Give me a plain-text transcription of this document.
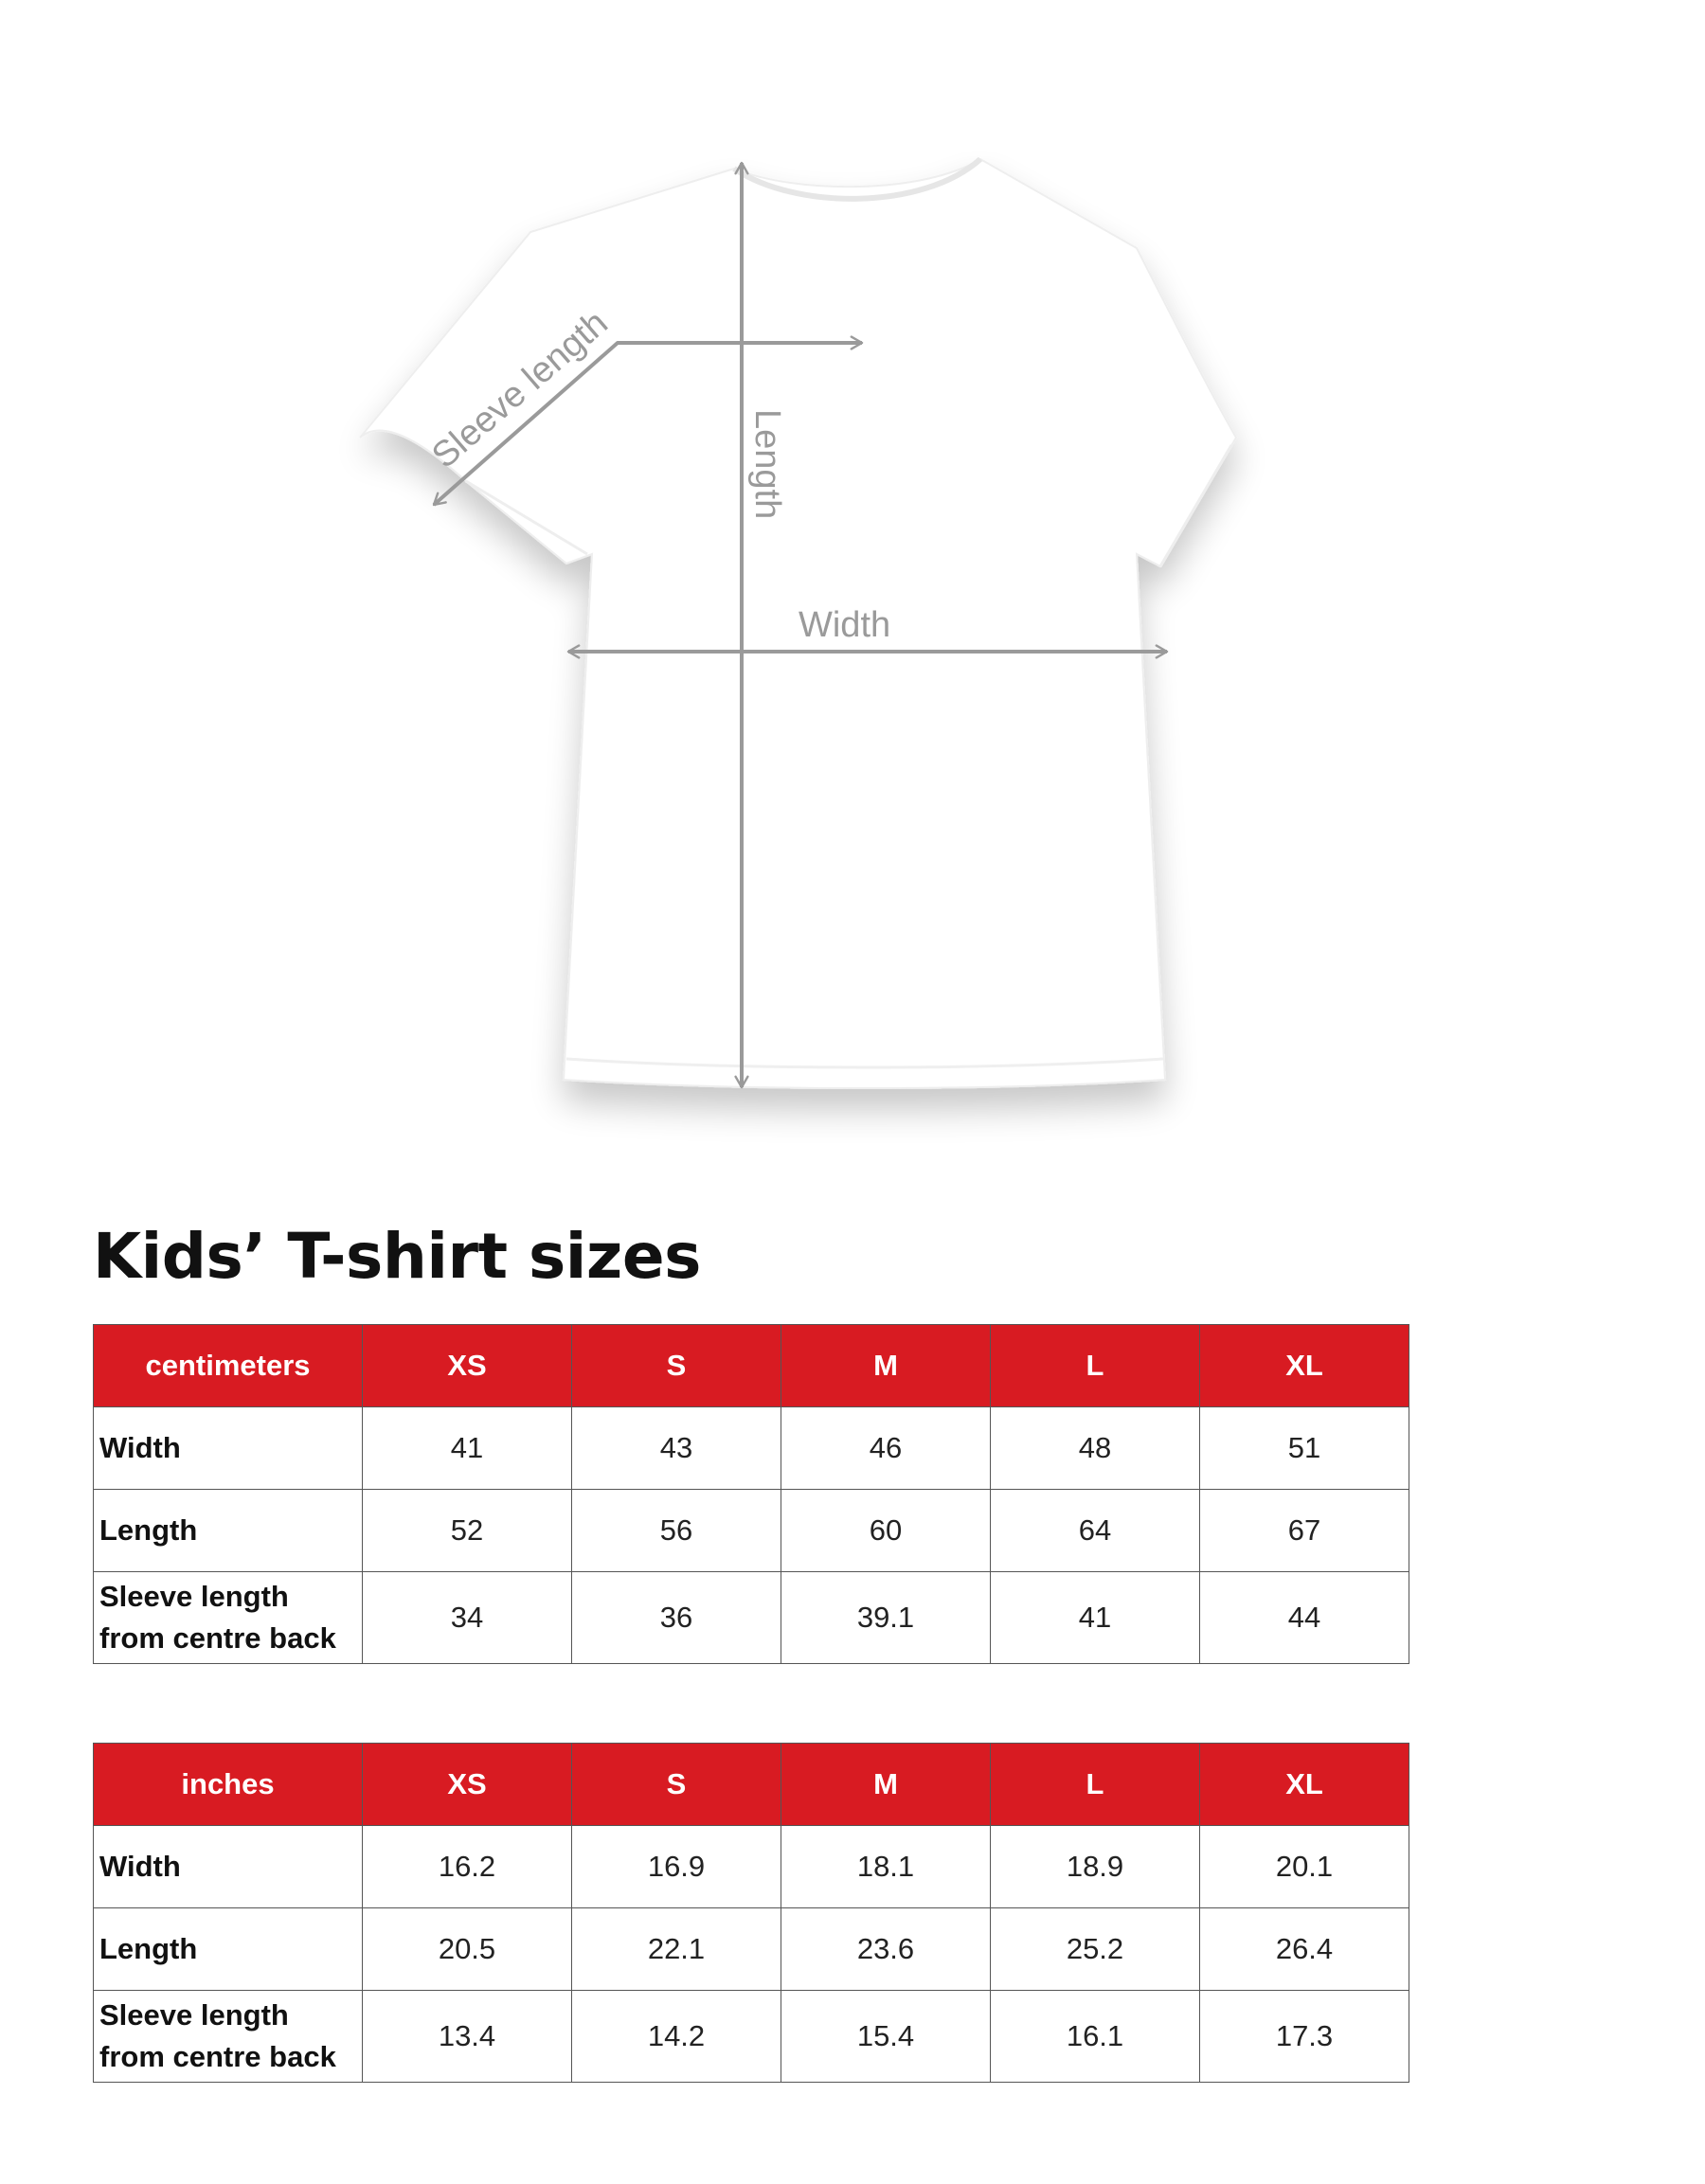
Sleeve length	Length
Width
Kids’ T-shirt sizes
centimeters	XS	S	M	L	XL
Width	41	43	46	48	51
Length	52	56	60	64	67
Sleeve length
from centre back	34	36	39.1	41	44
inches	XS	S	M	L	XL
Width	16.2	16.9	18.1	18.9	20.1
Length	20.5	22.1	23.6	25.2	26.4
Sleeve length
from centre back	13.4	14.2	15.4	16.1	17.3
